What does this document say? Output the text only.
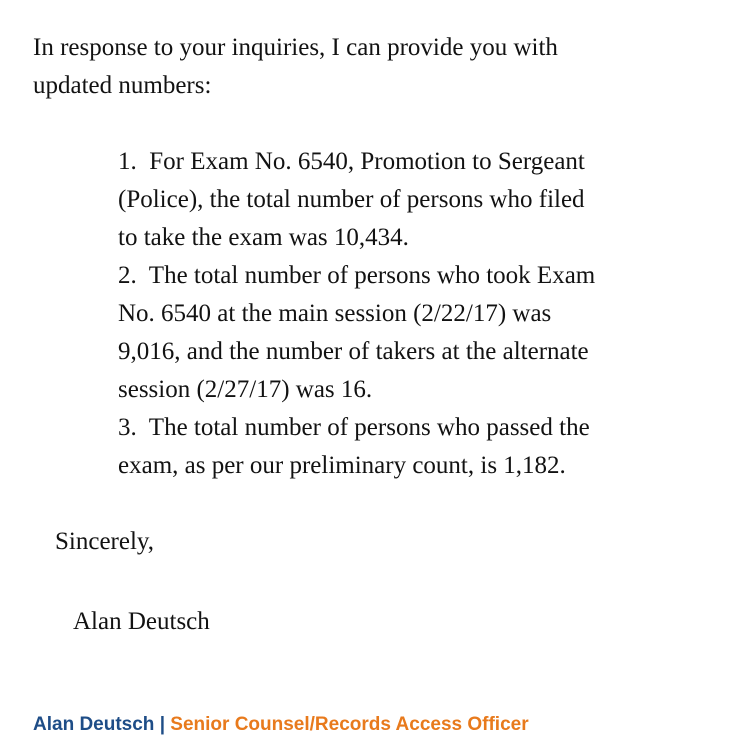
In response to your inquiries, I can provide you with
updated numbers:
1.  For Exam No. 6540, Promotion to Sergeant
(Police), the total number of persons who filed
to take the exam was 10,434.
2.  The total number of persons who took Exam
No. 6540 at the main session (2/22/17) was
9,016, and the number of takers at the alternate
session (2/27/17) was 16.
3.  The total number of persons who passed the
exam, as per our preliminary count, is 1,182.
Sincerely,
Alan Deutsch
Alan Deutsch | Senior Counsel/Records Access Officer
